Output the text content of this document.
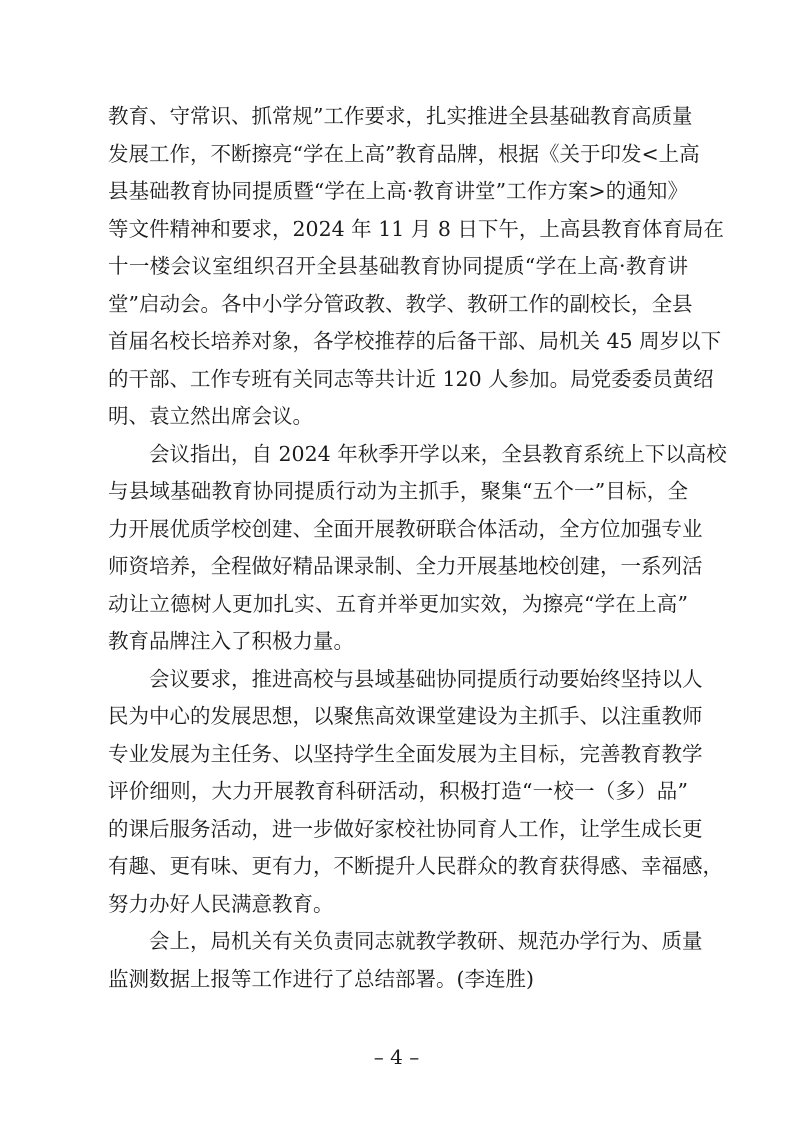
教育、守常识、抓常规”工作要求，扎实推进全县基础教育高质量
发展工作，不断擦亮“学在上高”教育品牌，根据《关于印发<上高
县基础教育协同提质暨“学在上高·教育讲堂”工作方案>的通知》
等文件精神和要求，2024 年 11 月 8 日下午，上高县教育体育局在
十一楼会议室组织召开全县基础教育协同提质“学在上高·教育讲
堂”启动会。各中小学分管政教、教学、教研工作的副校长，全县
首届名校长培养对象，各学校推荐的后备干部、局机关 45 周岁以下
的干部、工作专班有关同志等共计近 120 人参加。局党委委员黄绍
明、袁立然出席会议。
会议指出，自 2024 年秋季开学以来，全县教育系统上下以高校
与县域基础教育协同提质行动为主抓手，聚集“五个一”目标，全
力开展优质学校创建、全面开展教研联合体活动，全方位加强专业
师资培养，全程做好精品课录制、全力开展基地校创建，一系列活
动让立德树人更加扎实、五育并举更加实效，为擦亮“学在上高”
教育品牌注入了积极力量。
会议要求，推进高校与县域基础协同提质行动要始终坚持以人
民为中心的发展思想，以聚焦高效课堂建设为主抓手、以注重教师
专业发展为主任务、以坚持学生全面发展为主目标，完善教育教学
评价细则，大力开展教育科研活动，积极打造“一校一（多）品”
的课后服务活动，进一步做好家校社协同育人工作，让学生成长更
有趣、更有味、更有力，不断提升人民群众的教育获得感、幸福感，
努力办好人民满意教育。
会上，局机关有关负责同志就教学教研、规范办学行为、质量
监测数据上报等工作进行了总结部署。(李连胜)
– 4 –
